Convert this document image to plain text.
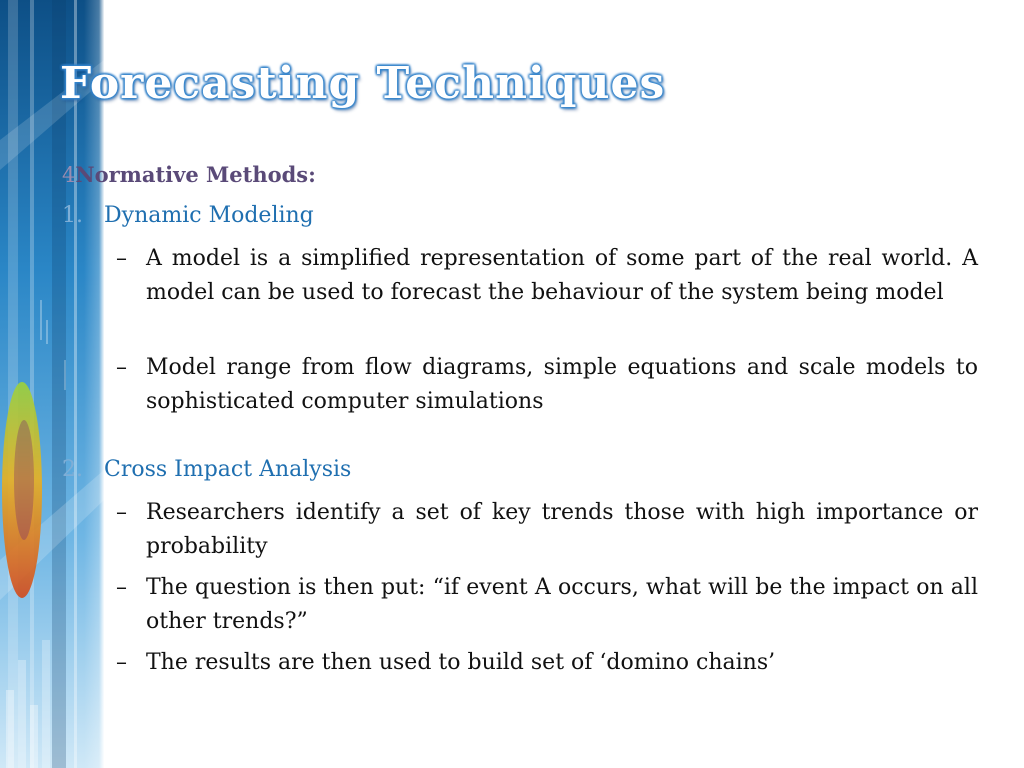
Forecasting Techniques
4Normative Methods:
1. Dynamic Modeling
– A model is a simplified representation of some part of the real world. A model can be used to forecast the behaviour of the system being model
– Model range from flow diagrams, simple equations and scale models to sophisticated computer simulations
2. Cross Impact Analysis
– Researchers identify a set of key trends those with high importance or probability
– The question is then put: “if event A occurs, what will be the impact on all other trends?”
– The results are then used to build set of ‘domino chains’
